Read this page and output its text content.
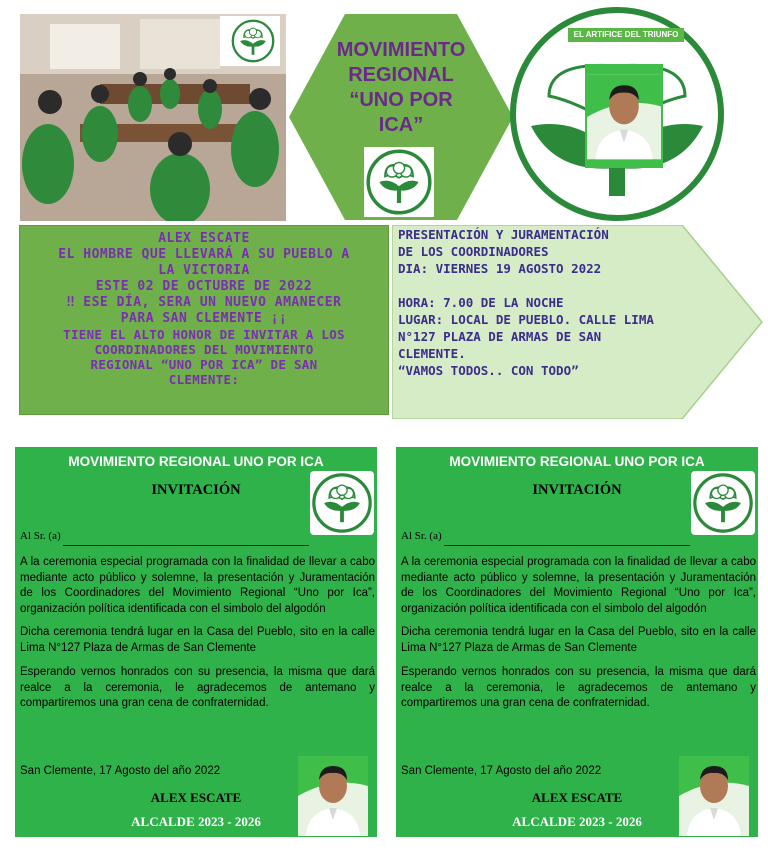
MOVIMIENTO
REGIONAL
“UNO POR
ICA”
EL ARTIFICE DEL TRIUNFO
ALEX ESCATE
EL HOMBRE QUE LLEVARÁ A SU PUEBLO A
LA VICTORIA
ESTE 02 DE OCTUBRE DE 2022
‼ ESE DÍA, SERA UN NUEVO AMANECER
PARA SAN CLEMENTE ¡¡
TIENE EL ALTO HONOR DE INVITAR A LOS
COORDINADORES DEL MOVIMIENTO
REGIONAL “UNO POR ICA” DE SAN
CLEMENTE:
PRESENTACIÓN Y JURAMENTACIÓN
DE LOS COORDINADORES
DIA: VIERNES 19 AGOSTO 2022
HORA: 7.00 DE LA NOCHE
LUGAR: LOCAL DE PUEBLO. CALLE LIMA
N°127 PLAZA DE ARMAS DE SAN
CLEMENTE.
“VAMOS TODOS.. CON TODO”
MOVIMIENTO REGIONAL UNO POR ICA
INVITACIÓN
Al Sr. (a)

A la ceremonia especial programada con la finalidad de llevar a cabo mediante acto público y solemne, la presentación y Juramentación de los Coordinadores del Movimiento Regional “Uno por Ica”, organización política identificada con el simbolo del algodón

Dicha ceremonia tendrá lugar en la Casa del Pueblo, sito en la calle Lima N°127 Plaza de Armas de San Clemente

Esperando vernos honrados con su presencia, la misma que dará realce a la ceremonia, le agradecemos de antemano y compartiremos una gran cena de confraternidad.

San Clemente, 17 Agosto del año 2022
ALEX ESCATE
ALCALDE 2023 - 2026
MOVIMIENTO REGIONAL UNO POR ICA
INVITACIÓN
Al Sr. (a)

A la ceremonia especial programada con la finalidad de llevar a cabo mediante acto público y solemne, la presentación y Juramentación de los Coordinadores del Movimiento Regional “Uno por Ica”, organización política identificada con el simbolo del algodón

Dicha ceremonia tendrá lugar en la Casa del Pueblo, sito en la calle Lima N°127 Plaza de Armas de San Clemente

Esperando vernos honrados con su presencia, la misma que dará realce a la ceremonia, le agradecemos de antemano y compartiremos una gran cena de confraternidad.

San Clemente, 17 Agosto del año 2022
ALEX ESCATE
ALCALDE 2023 - 2026
